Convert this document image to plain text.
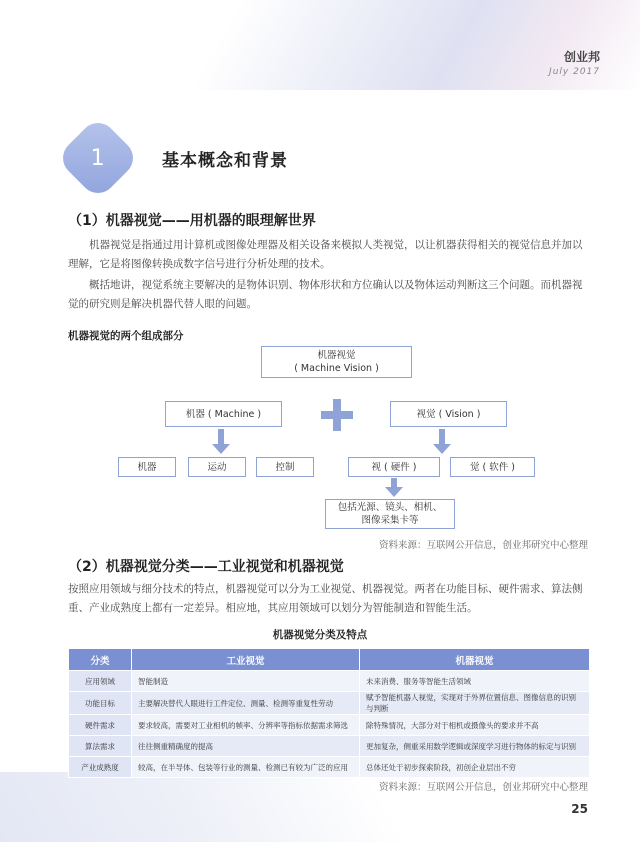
创业邦
July 2017
1	基本概念和背景
（1）机器视觉——用机器的眼理解世界

机器视觉是指通过用计算机或图像处理器及相关设备来模拟人类视觉，以让机器获得相关的视觉信息并加以理解，它是将图像转换成数字信号进行分析处理的技术。

概括地讲，视觉系统主要解决的是物体识别、物体形状和方位确认以及物体运动判断这三个问题。而机器视觉的研究则是解决机器代替人眼的问题。

机器视觉的两个组成部分
机器视觉
( Machine Vision )
机器 ( Machine )	视觉 ( Vision )
机器	运动	控制	视 ( 硬件 )	觉 ( 软件 )
包括光源、镜头、相机、
图像采集卡等
资料来源：互联网公开信息，创业邦研究中心整理
（2）机器视觉分类——工业视觉和机器视觉

按照应用领域与细分技术的特点，机器视觉可以分为工业视觉、机器视觉。两者在功能目标、硬件需求、算法侧重、产业成熟度上都有一定差异。相应地，其应用领域可以划分为智能制造和智能生活。

机器视觉分类及特点
分类	工业视觉	机器视觉
应用领域	智能制造	未来消费、服务等智能生活领域
功能目标	主要解决替代人眼进行工件定位、测量、检测等重复性劳动	赋予智能机器人视觉，实现对于外界位置信息、图像信息的识别与判断
硬件需求	要求较高，需要对工业相机的帧率、分辨率等指标依据需求筛选	除特殊情况，大部分对于相机或摄像头的要求并不高
算法需求	往往侧重精确度的提高	更加复杂，侧重采用数学逻辑或深度学习进行物体的标定与识别
产业成熟度	较高，在半导体、包装等行业的测量、检测已有较为广泛的应用	总体还处于初步探索阶段，初创企业层出不穷
资料来源：互联网公开信息，创业邦研究中心整理
25
